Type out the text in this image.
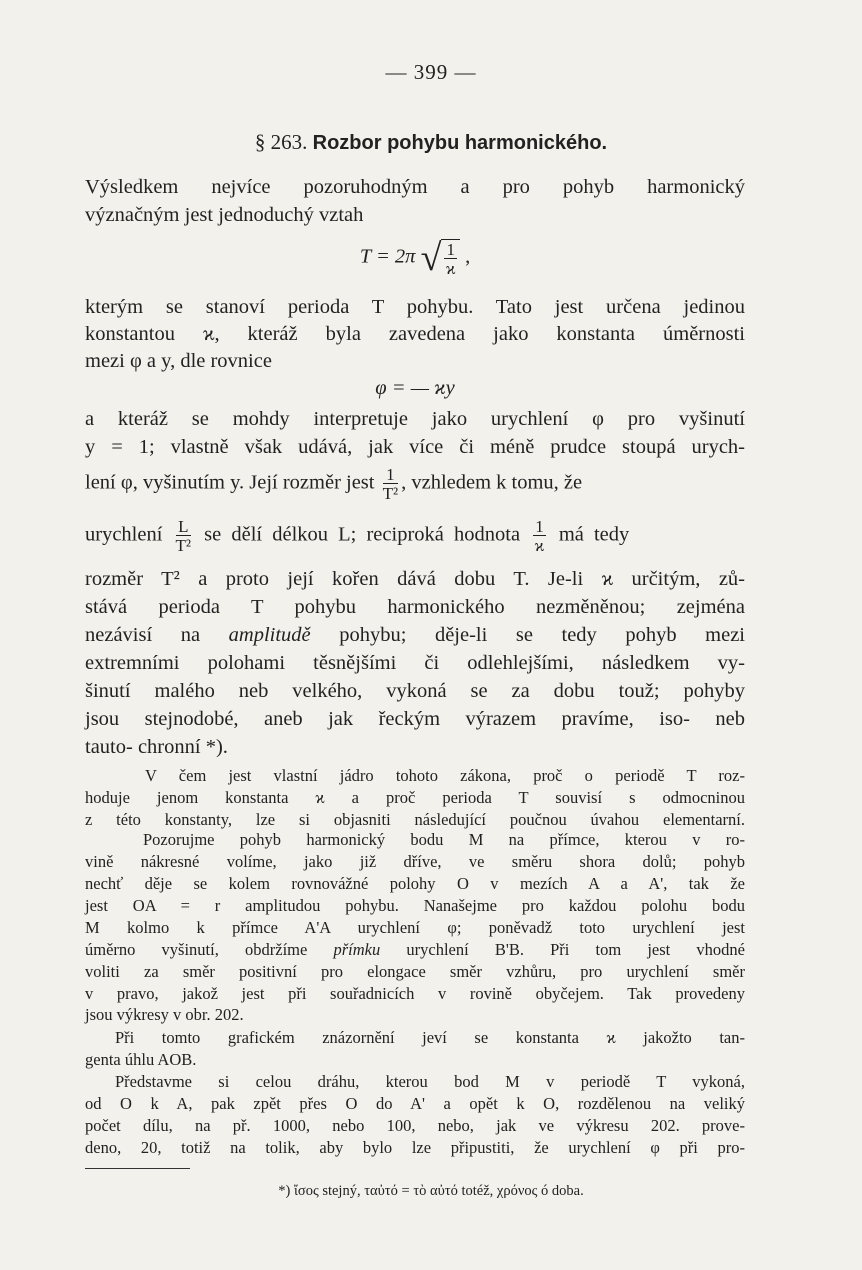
— 399 —
§ 263. Rozbor pohybu harmonického.
Výsledkem nejvíce pozoruhodným a pro pohyb harmonický
význačným jest jednoduchý vztah
T = 2π √ $\frac{1}{ϰ}$ ,
kterým se stanoví perioda T pohybu. Tato jest určena jedinou
konstantou ϰ, kteráž byla zavedena jako konstanta úměrnosti
mezi φ a y, dle rovnice
φ = — ϰy
a kteráž se mohdy interpretuje jako urychlení φ pro vyšinutí
y = 1; vlastně však udává, jak více či méně prudce stoupá urych-
lení φ, vyšinutím y. Její rozměr jest $\frac{1}{\text{T²}}$ , vzhledem k tomu, že
urychlení $\frac{L}{\text{T²}}$ se dělí délkou L; reciproká hodnota $\frac{1}{ϰ}$ má tedy
rozměr T² a proto její kořen dává dobu T. Je-li ϰ určitým, zů-
stává perioda T pohybu harmonického nezměněnou; zejména
nezávisí na amplitudě pohybu; děje-li se tedy pohyb mezi
extremními polohami těsnějšími či odlehlejšími, následkem vy-
šinutí malého neb velkého, vykoná se za dobu touž; pohyby
jsou stejnodobé, aneb jak řeckým výrazem pravíme, iso- neb
tauto- chronní *).
V čem jest vlastní jádro tohoto zákona, proč o periodě T roz-
hoduje jenom konstanta ϰ a proč perioda T souvisí s odmocninou
z této konstanty, lze si objasniti následující poučnou úvahou elementarní.
Pozorujme pohyb harmonický bodu M na přímce, kterou v ro-
vině nákresné volíme, jako již dříve, ve směru shora dolů; pohyb
nechť děje se kolem rovnovážné polohy O v mezích A a A', tak že
jest OA = r amplitudou pohybu. Nanašejme pro každou polohu bodu
M kolmo k přímce A'A urychlení φ; poněvadž toto urychlení jest
úměrno vyšinutí, obdržíme přímku urychlení B'B. Při tom jest vhodné
voliti za směr positivní pro elongace směr vzhůru, pro urychlení směr
v pravo, jakož jest při souřadnicích v rovině obyčejem. Tak provedeny
jsou výkresy v obr. 202.
Při tomto grafickém znázornění jeví se konstanta ϰ jakožto tan-
genta úhlu AOB.
Představme si celou dráhu, kterou bod M v periodě T vykoná,
od O k A, pak zpět přes O do A' a opět k O, rozdělenou na veliký
počet dílu, na př. 1000, nebo 100, nebo, jak ve výkresu 202. prove-
deno, 20, totiž na tolik, aby bylo lze připustiti, že urychlení φ při pro-
*) ἴσος stejný, ταὐτό = τὸ αὐτό totéž, χρόνος ó doba.
